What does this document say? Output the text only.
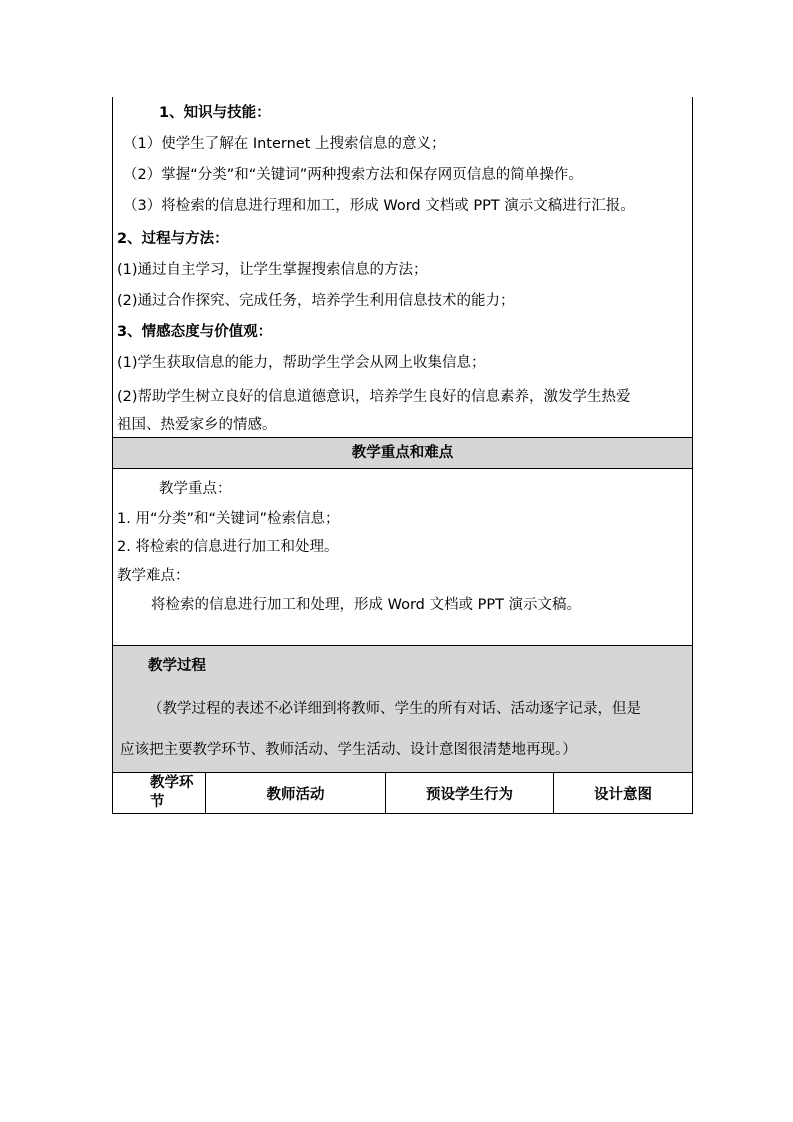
1、知识与技能：
（1）使学生了解在 Internet 上搜索信息的意义；
（2）掌握“分类”和“关键词”两种搜索方法和保存网页信息的简单操作。
（3）将检索的信息进行理和加工，形成 Word 文档或 PPT 演示文稿进行汇报。
2、过程与方法：
(1)通过自主学习，让学生掌握搜索信息的方法；
(2)通过合作探究、完成任务，培养学生利用信息技术的能力；
3、情感态度与价值观：
(1)学生获取信息的能力，帮助学生学会从网上收集信息；
(2)帮助学生树立良好的信息道德意识，培养学生良好的信息素养，激发学生热爱
祖国、热爱家乡的情感。
教学重点和难点
教学重点：
1. 用“分类”和“关键词”检索信息；
2. 将检索的信息进行加工和处理。
教学难点：
将检索的信息进行加工和处理，形成 Word 文档或 PPT 演示文稿。
教学过程
（教学过程的表述不必详细到将教师、学生的所有对话、活动逐字记录，但是
应该把主要教学环节、教师活动、学生活动、设计意图很清楚地再现。）
教学环
节	教师活动	预设学生行为	设计意图
